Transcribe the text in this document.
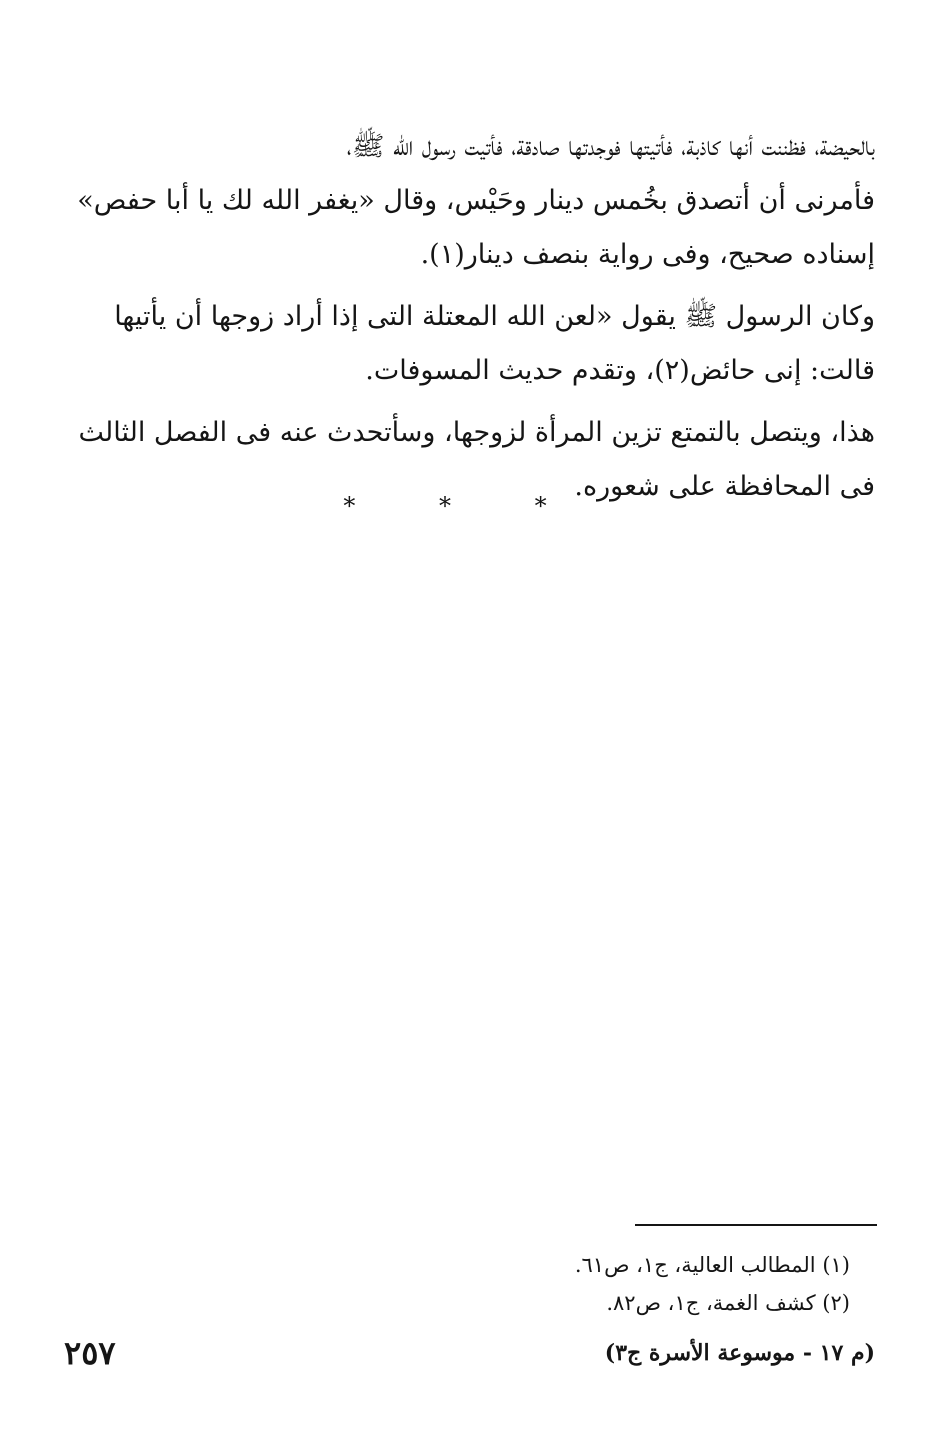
بالحيضة، فظننت أنها كاذبة، فأتيتها فوجدتها صادقة، فأتيت رسول الله ﷺ،
فأمرنى أن أتصدق بخُمس دينار وحَيْس، وقال «يغفر الله لك يا أبا حفص»
إسناده صحيح، وفى رواية بنصف دينار(١).

وكان الرسول ﷺ يقول «لعن الله المعتلة التى إذا أراد زوجها أن يأتيها
قالت: إنى حائض(٢)، وتقدم حديث المسوفات.

هذا، ويتصل بالتمتع تزين المرأة لزوجها، وسأتحدث عنه فى الفصل الثالث
فى المحافظة على شعوره.

* * *
(١) المطالب العالية، ج١، ص٦١.
(٢) كشف الغمة، ج١، ص٨٢.
(م ١٧ - موسوعة الأسرة ج٣)
٢٥٧
